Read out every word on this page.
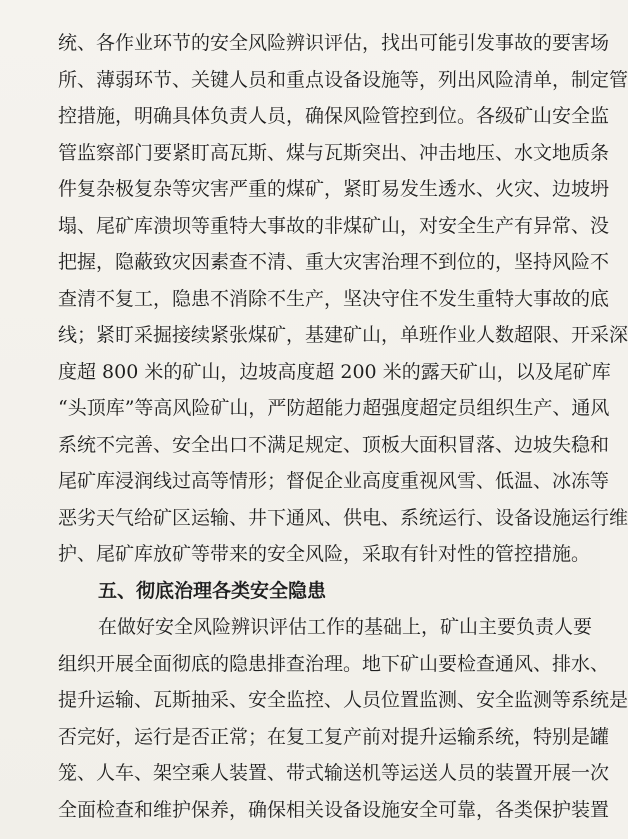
统、各作业环节的安全风险辨识评估，找出可能引发事故的要害场
所、薄弱环节、关键人员和重点设备设施等，列出风险清单，制定管
控措施，明确具体负责人员，确保风险管控到位。各级矿山安全监
管监察部门要紧盯高瓦斯、煤与瓦斯突出、冲击地压、水文地质条
件复杂极复杂等灾害严重的煤矿，紧盯易发生透水、火灾、边坡坍
塌、尾矿库溃坝等重特大事故的非煤矿山，对安全生产有异常、没
把握，隐蔽致灾因素查不清、重大灾害治理不到位的，坚持风险不
查清不复工，隐患不消除不生产，坚决守住不发生重特大事故的底
线；紧盯采掘接续紧张煤矿，基建矿山，单班作业人数超限、开采深
度超 800 米的矿山，边坡高度超 200 米的露天矿山，以及尾矿库
“头顶库”等高风险矿山，严防超能力超强度超定员组织生产、通风
系统不完善、安全出口不满足规定、顶板大面积冒落、边坡失稳和
尾矿库浸润线过高等情形；督促企业高度重视风雪、低温、冰冻等
恶劣天气给矿区运输、井下通风、供电、系统运行、设备设施运行维
护、尾矿库放矿等带来的安全风险，采取有针对性的管控措施。
五、彻底治理各类安全隐患
在做好安全风险辨识评估工作的基础上，矿山主要负责人要
组织开展全面彻底的隐患排查治理。地下矿山要检查通风、排水、
提升运输、瓦斯抽采、安全监控、人员位置监测、安全监测等系统是
否完好，运行是否正常；在复工复产前对提升运输系统，特别是罐
笼、人车、架空乘人装置、带式输送机等运送人员的装置开展一次
全面检查和维护保养，确保相关设备设施安全可靠，各类保护装置
